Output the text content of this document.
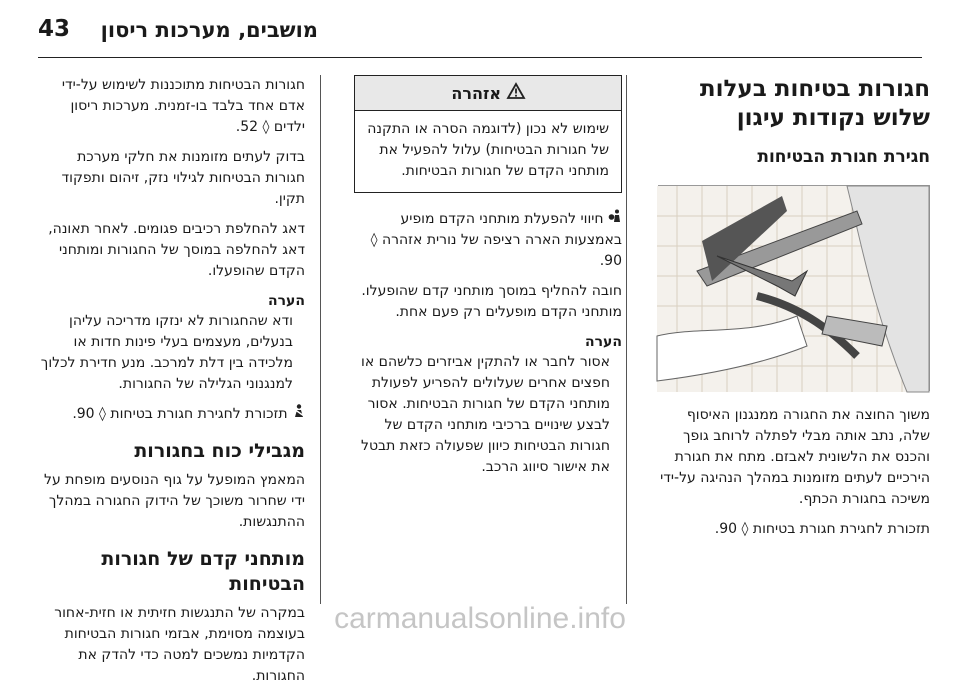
מושבים, מערכות ריסון
43

חגורות הבטיחות מתוכננות לשימוש על-ידי אדם אחד בלבד בו-זמנית. מערכות ריסון ילדים ◊ 52.

בדוק לעתים מזומנות את חלקי מערכת חגורות הבטיחות לגילוי נזק, זיהום ותפקוד תקין.

דאג להחלפת רכיבים פגומים. לאחר תאונה, דאג להחלפה במוסך של החגורות ומותחני הקדם שהופעלו.

הערה

ודא שהחגורות לא ינזקו מדריכה עליהן בנעלים, מעצמים בעלי פינות חדות או מלכידה בין דלת למרכב. מנע חדירת לכלוך למנגנוני הגלילה של החגורות.

תזכורת לחגירת חגורת בטיחות ◊ 90.

מגבילי כוח בחגורות

המאמץ המופעל על גוף הנוסעים מופחת על ידי שחרור משוכך של הידוק החגורה במהלך ההתנגשות.

מותחני קדם של חגורות הבטיחות

במקרה של התנגשות חזיתית או חזית-אחור בעוצמה מסוימת, אבזמי חגורות הבטיחות הקדמיות נמשכים למטה כדי להדק את החגורות.

אזהרה
שימוש לא נכון (לדוגמה הסרה או התקנה של חגורות הבטיחות) עלול להפעיל את מותחני הקדם של חגורות הבטיחות.

חיווי להפעלת מותחני הקדם מופיע באמצעות הארה רציפה של נורית אזהרה ◊ 90.

חובה להחליף במוסך מותחני קדם שהופעלו. מותחני הקדם מופעלים רק פעם אחת.

הערה

אסור לחבר או להתקין אביזרים כלשהם או חפצים אחרים שעלולים להפריע לפעולת מותחני הקדם של חגורות הבטיחות. אסור לבצע שינויים ברכיבי מותחני הקדם של חגורות הבטיחות כיוון שפעולה כזאת תבטל את אישור סיווג הרכב.

חגורות בטיחות בעלות שלוש נקודות עיגון
חגירת חגורת הבטיחות

משוך החוצה את החגורה ממנגנון האיסוף שלה, נתב אותה מבלי לפתלה לרוחב גופך והכנס את הלשונית לאבזם. מתח את חגורת הירכיים לעתים מזומנות במהלך הנהיגה על-ידי משיכה בחגורת הכתף.

תזכורת לחגירת חגורת בטיחות ◊ 90.

carmanualsonline.info
